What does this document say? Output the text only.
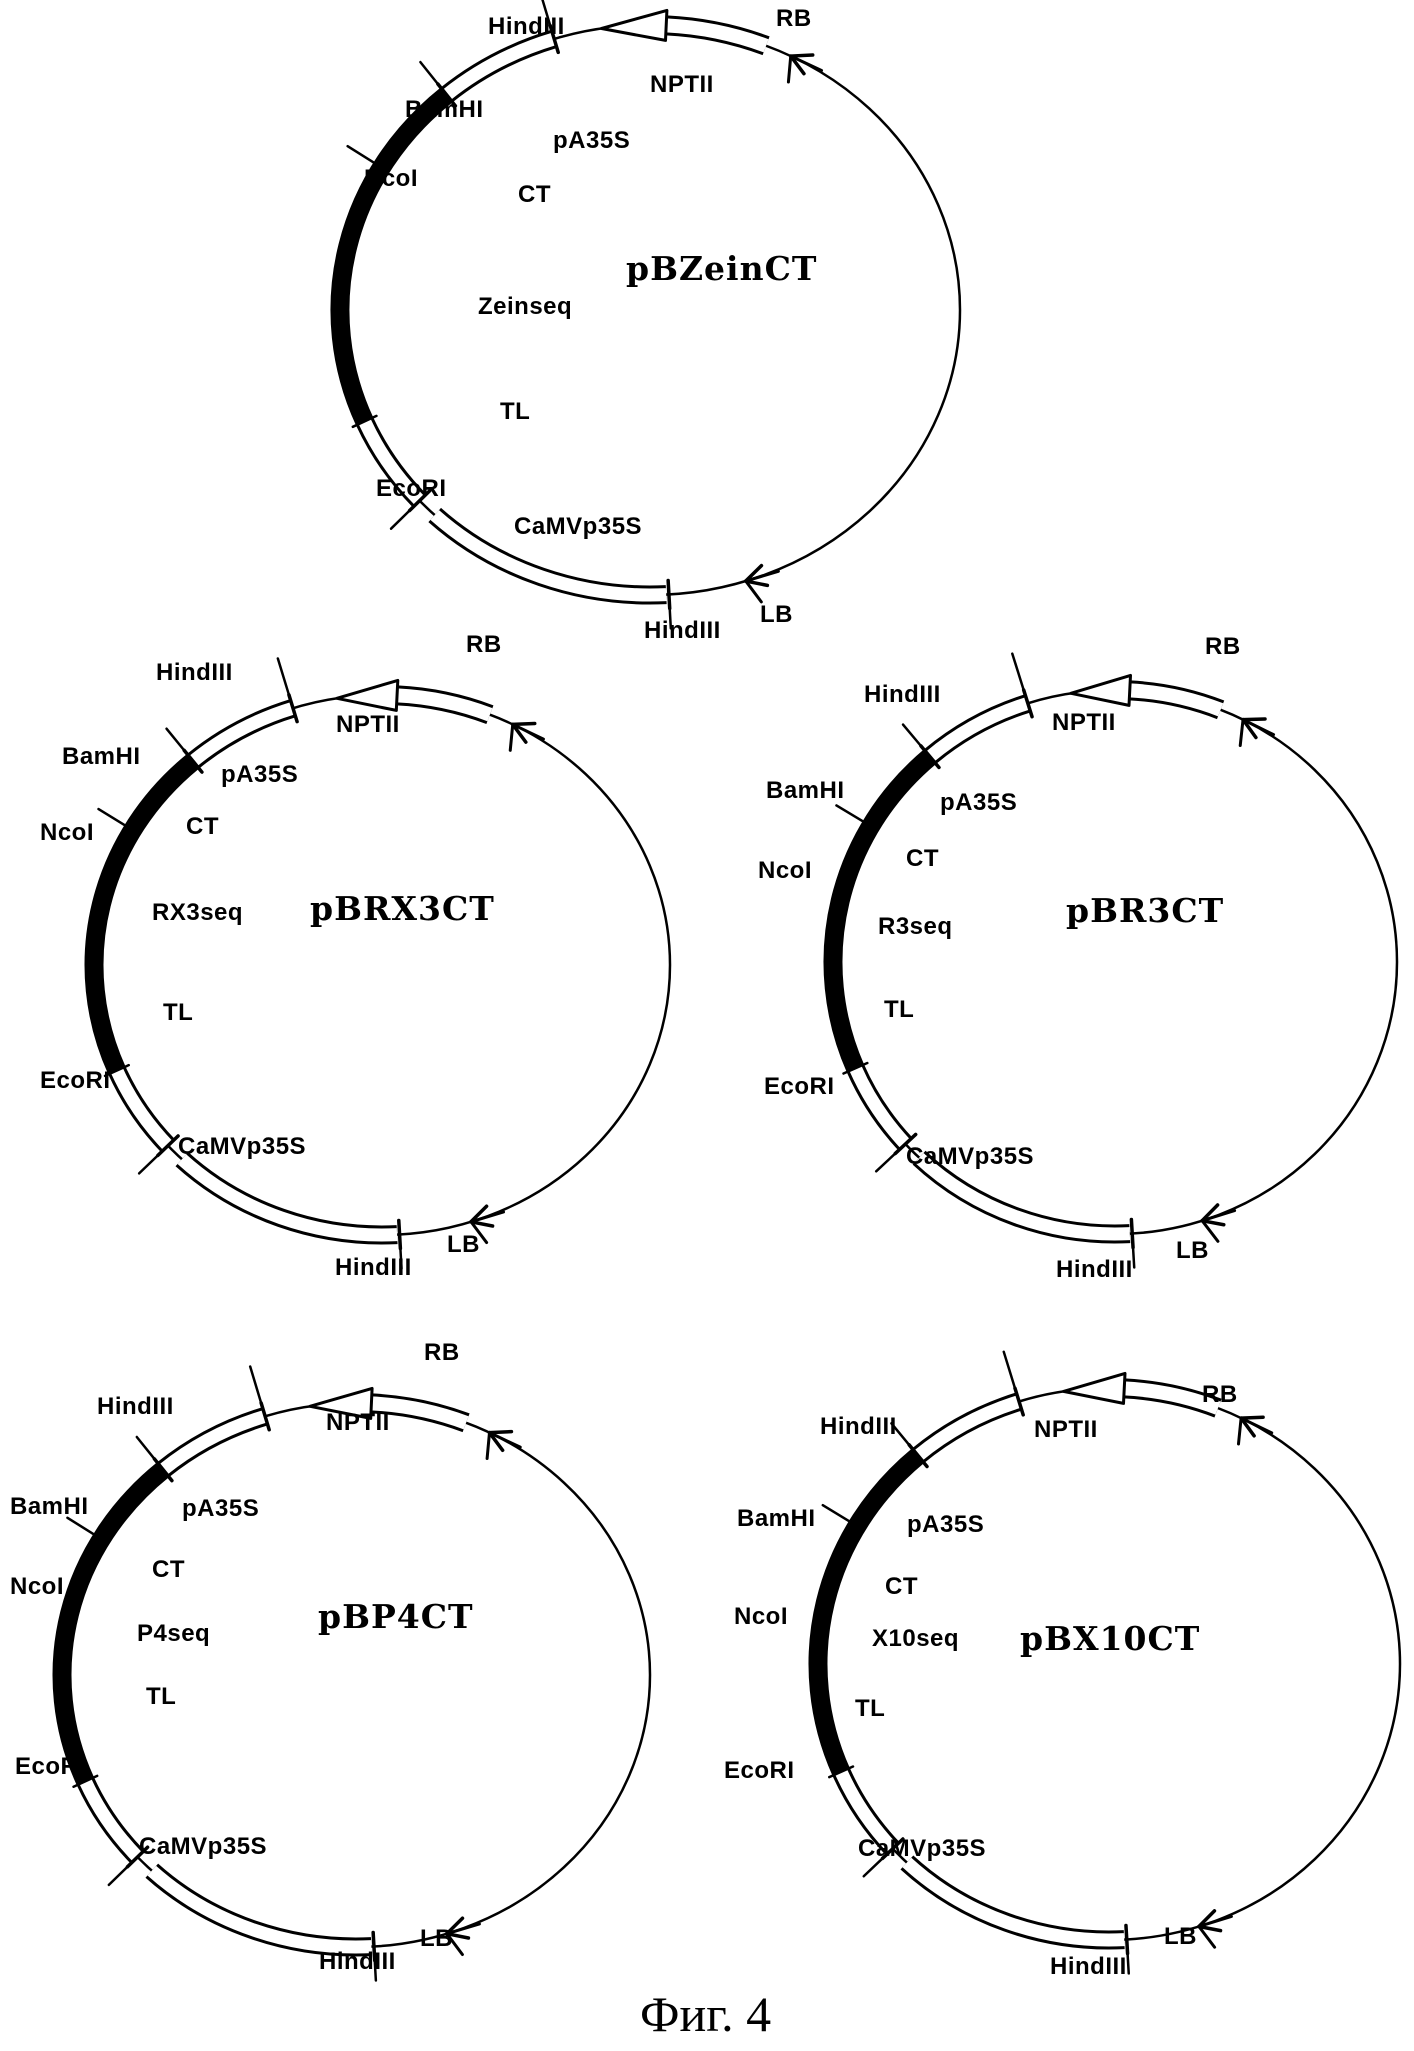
HindIII	RB
NPTII
BamHI
pA35S
NcoI
CT
Zeinseq
pBZeinCT
TL
EcoRI
CaMVp35S
HindIII
LB
HindIII
RB
NPTII
BamHI
pA35S
NcoI	CT
RX3seq pBRX3CT
TL
EcoRI
CaMVp35S
HindIII
LB
HindIII
RB
NPTII
BamHI	pA35S
NcoI	CT
R3seq	pBR3CT
TL
EcoRI
CaMVp35S
HindIII
LB
HindIII
RB
NPTII
BamHI	pA35S
NcoI
CT
P4seq	pBP4CT
TL
EcoRI
CaMVp35S
HindIII
LB
HindIII
RB
NPTII
BamHI	pA35S
NcoI
CT
X10seq pBX10CT
TL
EcoRI
CaMVp35S
HindIII
LB
Фиг. 4
